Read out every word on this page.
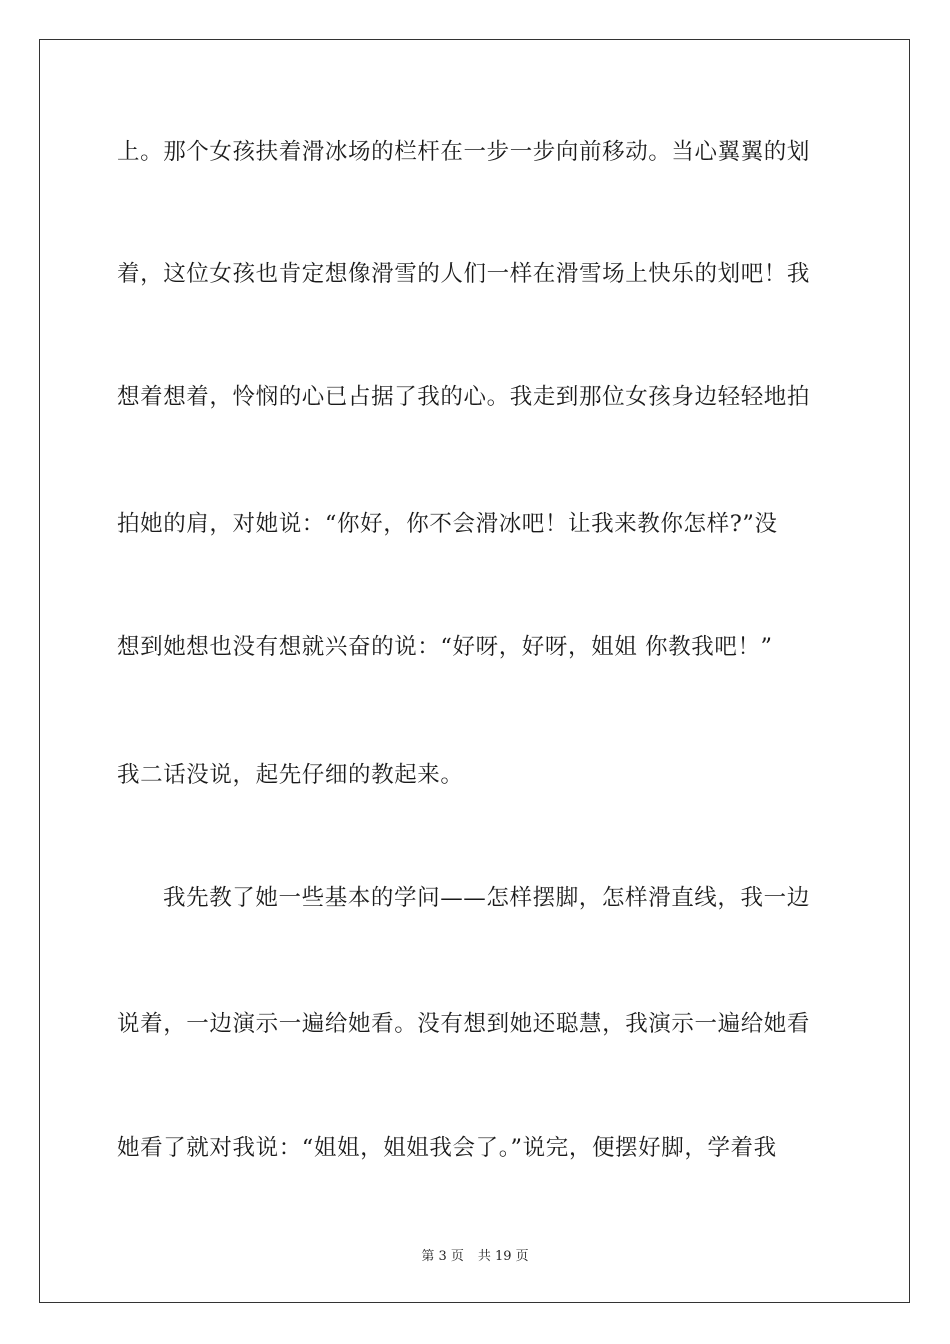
上。那个女孩扶着滑冰场的栏杆在一步一步向前移动。当心翼翼的划
着，这位女孩也肯定想像滑雪的人们一样在滑雪场上快乐的划吧！我
想着想着，怜悯的心已占据了我的心。我走到那位女孩身边轻轻地拍
拍她的肩，对她说：“你好，你不会滑冰吧！让我来教你怎样?”没
想到她想也没有想就兴奋的说：“好呀，好呀，姐姐 你教我吧！”
我二话没说，起先仔细的教起来。
我先教了她一些基本的学问——怎样摆脚，怎样滑直线，我一边
说着，一边演示一遍给她看。没有想到她还聪慧，我演示一遍给她看
她看了就对我说：“姐姐，姐姐我会了。”说完，便摆好脚，学着我
第 3 页 共 19 页
